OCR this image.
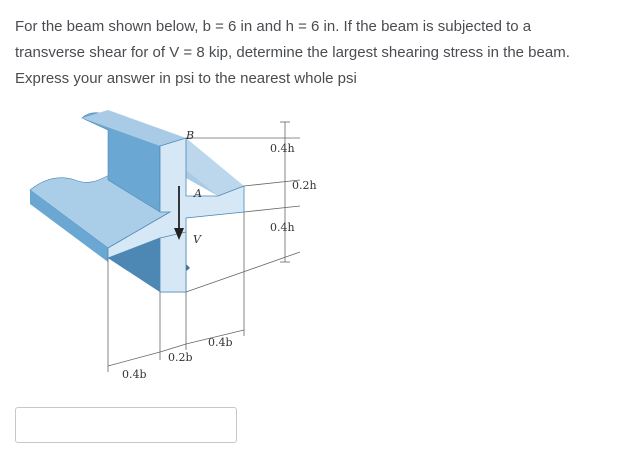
For the beam shown below, b = 6 in and h = 6 in. If the beam is subjected to a

transverse shear for of V = 8 kip, determine the largest shearing stress in the beam.

Express your answer in psi to the nearest whole psi

B
A
V
0.4h
0.2h
0.4h
0.4b
0.2b
0.4b
